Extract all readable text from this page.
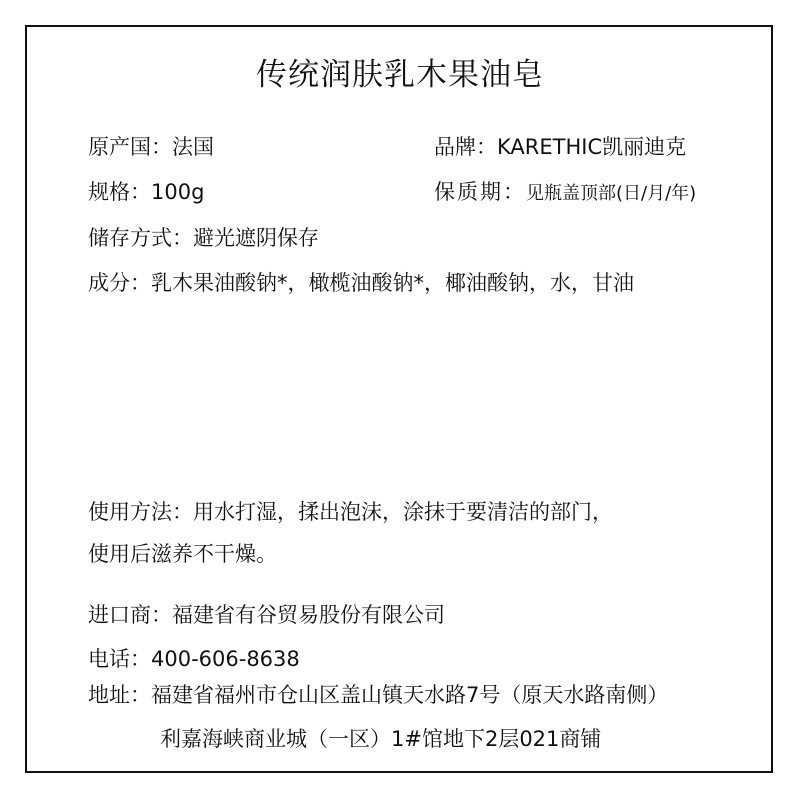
传统润肤乳木果油皂
原产国：法国	品牌：KARETHIC凯丽迪克
规格：100g	保质期：见瓶盖顶部(日/月/年)
储存方式：避光遮阴保存
成分：乳木果油酸钠*，橄榄油酸钠*，椰油酸钠，水，甘油
使用方法：用水打湿，揉出泡沫，涂抹于要清洁的部门，
使用后滋养不干燥。
进口商：福建省有谷贸易股份有限公司
电话：400-606-8638
地址：福建省福州市仓山区盖山镇天水路7号（原天水路南侧）
利嘉海峡商业城（一区）1#馆地下2层021商铺
